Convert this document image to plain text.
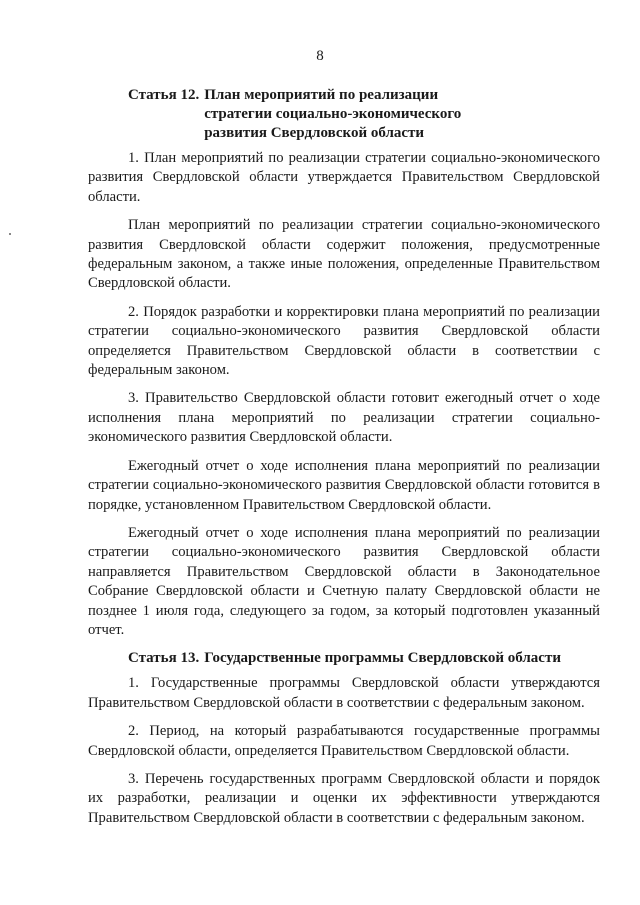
8
Статья 12. План мероприятий по реализации стратегии социально-экономического развития Свердловской области

1. План мероприятий по реализации стратегии социально-экономического развития Свердловской области утверждается Правительством Свердловской области.

План мероприятий по реализации стратегии социально-экономического развития Свердловской области содержит положения, предусмотренные федеральным законом, а также иные положения, определенные Правительством Свердловской области.

2. Порядок разработки и корректировки плана мероприятий по реализации стратегии социально-экономического развития Свердловской области определяется Правительством Свердловской области в соответствии с федеральным законом.

3. Правительство Свердловской области готовит ежегодный отчет о ходе исполнения плана мероприятий по реализации стратегии социально-экономического развития Свердловской области.

Ежегодный отчет о ходе исполнения плана мероприятий по реализации стратегии социально-экономического развития Свердловской области готовится в порядке, установленном Правительством Свердловской области.

Ежегодный отчет о ходе исполнения плана мероприятий по реализации стратегии социально-экономического развития Свердловской области направляется Правительством Свердловской области в Законодательное Собрание Свердловской области и Счетную палату Свердловской области не позднее 1 июля года, следующего за годом, за который подготовлен указанный отчет.

Статья 13. Государственные программы Свердловской области

1. Государственные программы Свердловской области утверждаются Правительством Свердловской области в соответствии с федеральным законом.

2. Период, на который разрабатываются государственные программы Свердловской области, определяется Правительством Свердловской области.

3. Перечень государственных программ Свердловской области и порядок их разработки, реализации и оценки их эффективности утверждаются Правительством Свердловской области в соответствии с федеральным законом.
